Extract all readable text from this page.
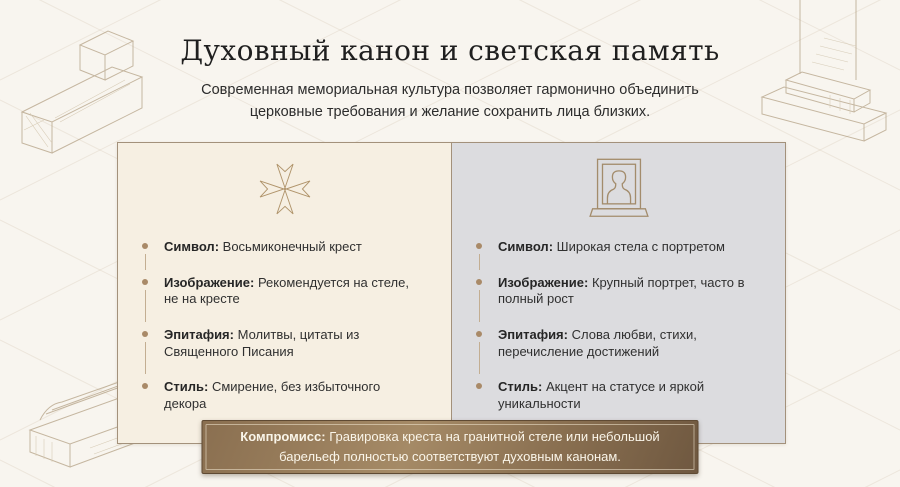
Духовный канон и светская память
Современная мемориальная культура позволяет гармонично объединить церковные требования и желание сохранить лица близких.
Символ: Восьмиконечный крест
Изображение: Рекомендуется на стеле, не на кресте
Эпитафия: Молитвы, цитаты из Священного Писания
Стиль: Смирение, без избыточного декора
Символ: Широкая стела с портретом
Изображение: Крупный портрет, часто в полный рост
Эпитафия: Слова любви, стихи, перечисление достижений
Стиль: Акцент на статусе и яркой уникальности
Компромисс: Гравировка креста на гранитной стеле или небольшой барельеф полностью соответствуют духовным канонам.
